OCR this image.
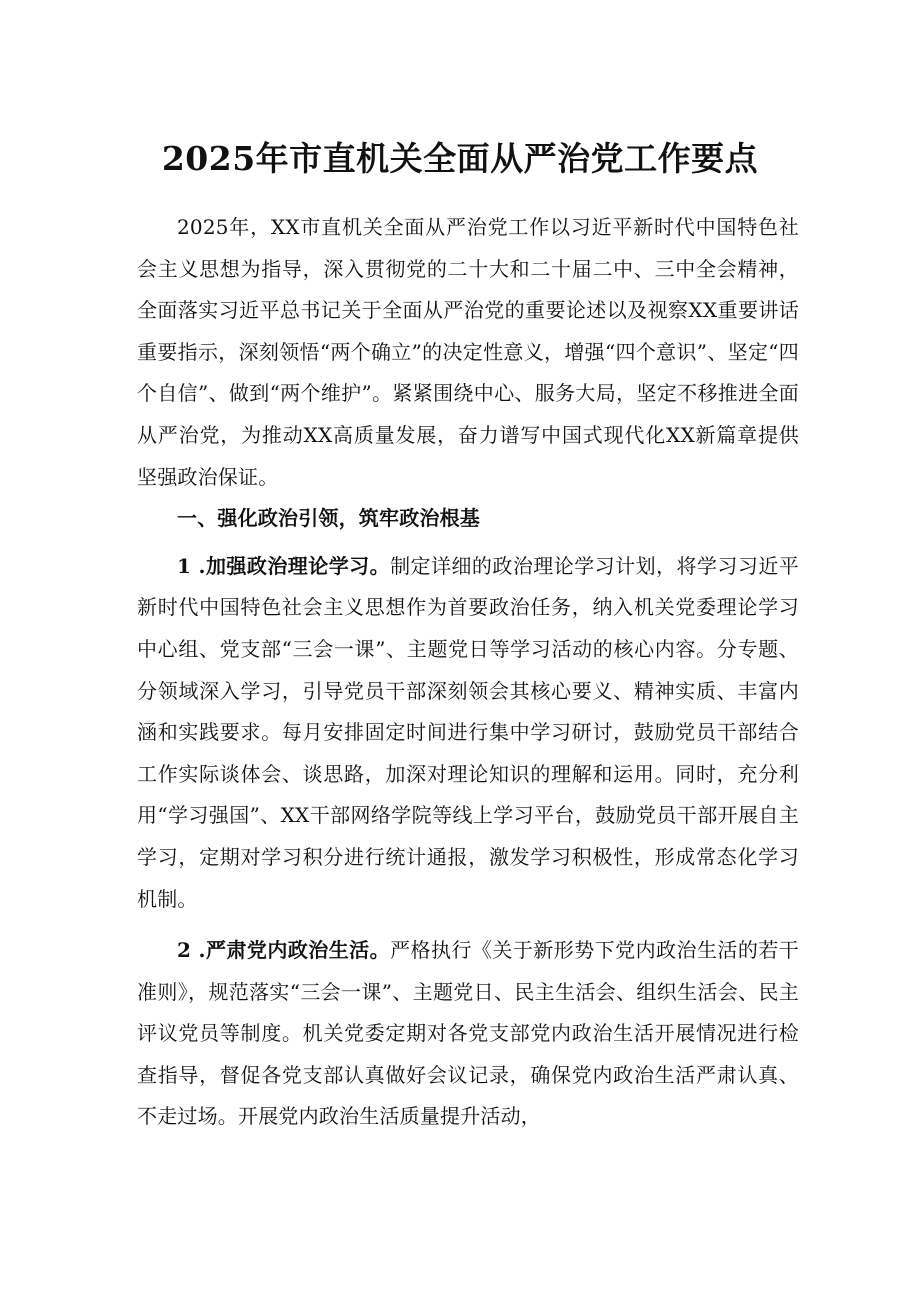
2025年市直机关全面从严治党工作要点

2025年，XX市直机关全面从严治党工作以习近平新时代中国特色社会主义思想为指导，深入贯彻党的二十大和二十届二中、三中全会精神，全面落实习近平总书记关于全面从严治党的重要论述以及视察XX重要讲话重要指示，深刻领悟“两个确立”的决定性意义，增强“四个意识”、坚定“四个自信”、做到“两个维护”。紧紧围绕中心、服务大局，坚定不移推进全面从严治党，为推动XX高质量发展，奋力谱写中国式现代化XX新篇章提供坚强政治保证。

一、强化政治引领，筑牢政治根基

1 .加强政治理论学习。制定详细的政治理论学习计划，将学习习近平新时代中国特色社会主义思想作为首要政治任务，纳入机关党委理论学习中心组、党支部“三会一课”、主题党日等学习活动的核心内容。分专题、分领域深入学习，引导党员干部深刻领会其核心要义、精神实质、丰富内涵和实践要求。每月安排固定时间进行集中学习研讨，鼓励党员干部结合工作实际谈体会、谈思路，加深对理论知识的理解和运用。同时，充分利用“学习强国”、XX干部网络学院等线上学习平台，鼓励党员干部开展自主学习，定期对学习积分进行统计通报，激发学习积极性，形成常态化学习机制。

2 .严肃党内政治生活。严格执行《关于新形势下党内政治生活的若干准则》，规范落实“三会一课”、主题党日、民主生活会、组织生活会、民主评议党员等制度。机关党委定期对各党支部党内政治生活开展情况进行检查指导，督促各党支部认真做好会议记录，确保党内政治生活严肃认真、不走过场。开展党内政治生活质量提升活动，
